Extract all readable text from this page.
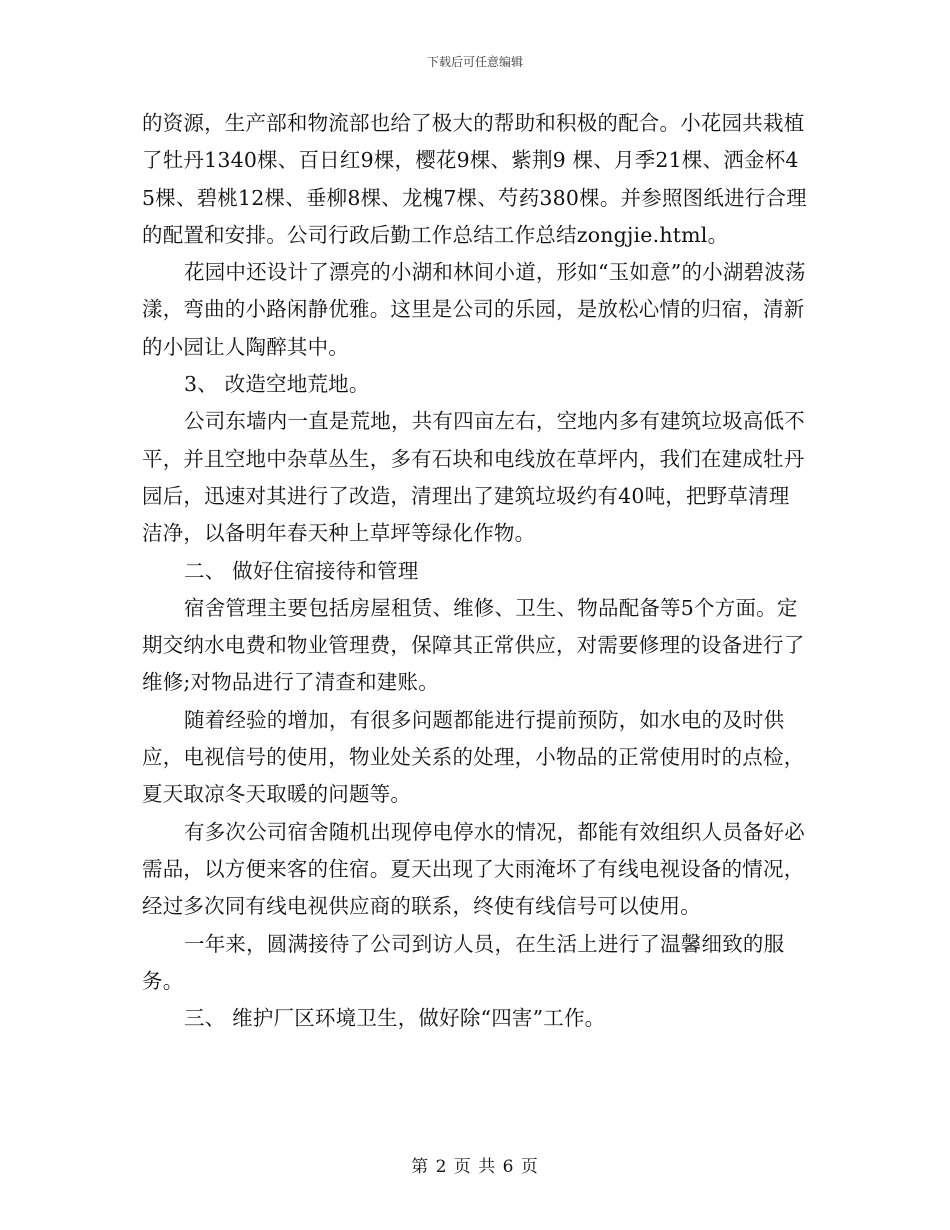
下载后可任意编辑

的资源，生产部和物流部也给了极大的帮助和积极的配合。小花园共栽植了牡丹1340棵、百日红9棵，樱花9棵、紫荆9 棵、月季21棵、洒金杯45棵、碧桃12棵、垂柳8棵、龙槐7棵、芍药380棵。并参照图纸进行合理的配置和安排。公司行政后勤工作总结工作总结zongjie.html。

花园中还设计了漂亮的小湖和林间小道，形如“玉如意”的小湖碧波荡漾，弯曲的小路闲静优雅。这里是公司的乐园，是放松心情的归宿，清新的小园让人陶醉其中。

3、 改造空地荒地。

公司东墙内一直是荒地，共有四亩左右，空地内多有建筑垃圾高低不平，并且空地中杂草丛生，多有石块和电线放在草坪内，我们在建成牡丹园后，迅速对其进行了改造，清理出了建筑垃圾约有40吨，把野草清理洁净，以备明年春天种上草坪等绿化作物。

二、 做好住宿接待和管理

宿舍管理主要包括房屋租赁、维修、卫生、物品配备等5个方面。定期交纳水电费和物业管理费，保障其正常供应，对需要修理的设备进行了维修;对物品进行了清查和建账。

随着经验的增加，有很多问题都能进行提前预防，如水电的及时供应，电视信号的使用，物业处关系的处理，小物品的正常使用时的点检，夏天取凉冬天取暖的问题等。

有多次公司宿舍随机出现停电停水的情况，都能有效组织人员备好必需品，以方便来客的住宿。夏天出现了大雨淹坏了有线电视设备的情况，经过多次同有线电视供应商的联系，终使有线信号可以使用。

一年来，圆满接待了公司到访人员，在生活上进行了温馨细致的服务。

三、 维护厂区环境卫生，做好除“四害”工作。

第 2 页 共 6 页
